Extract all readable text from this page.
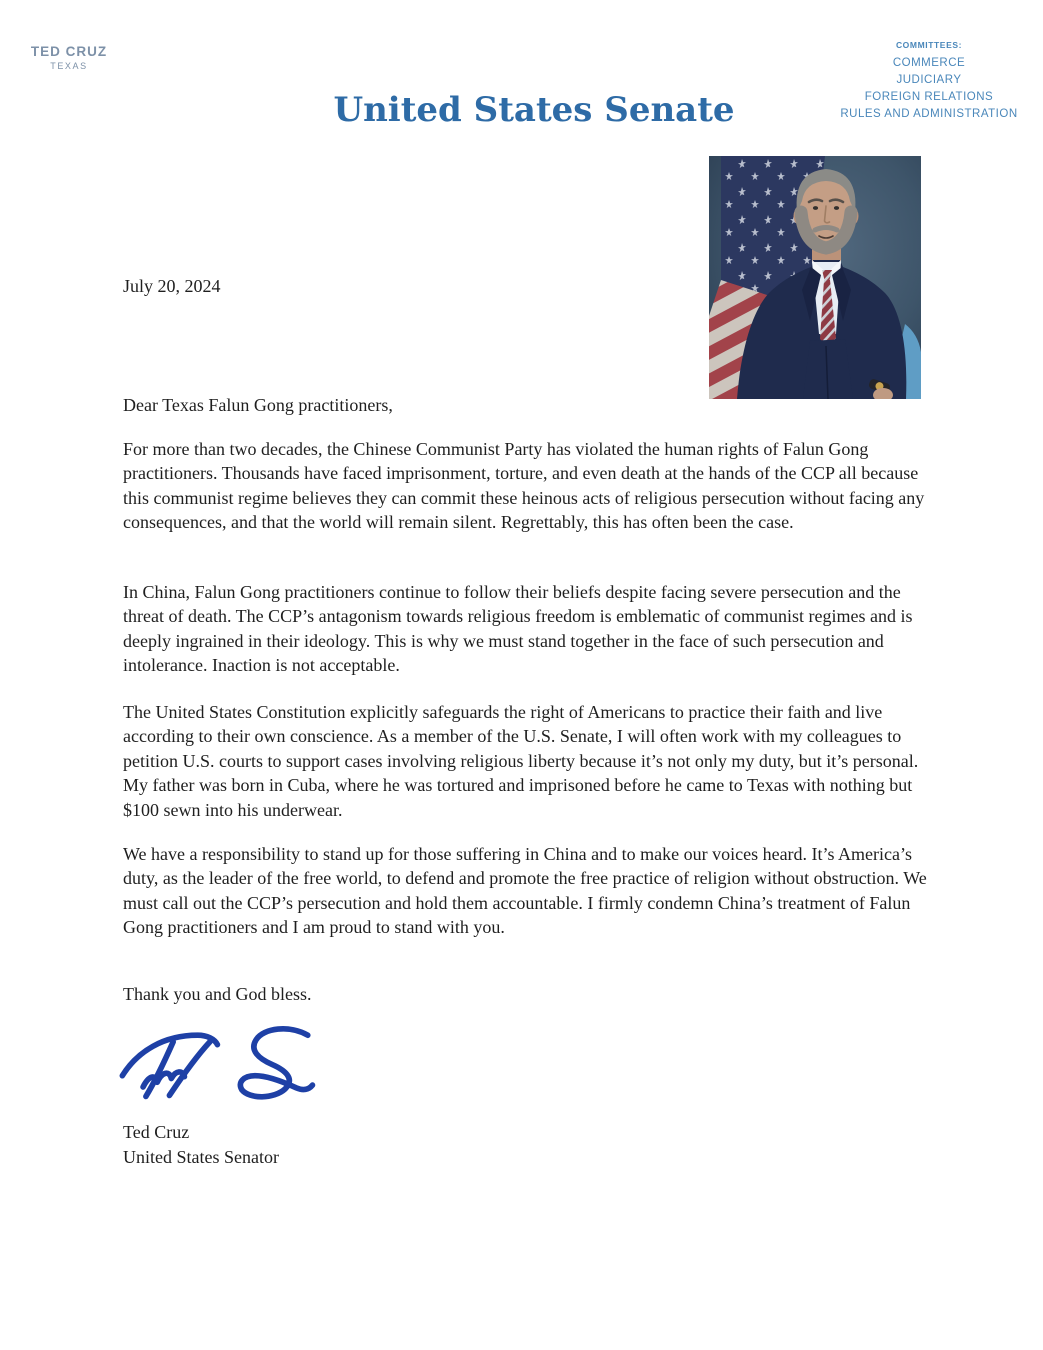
TED CRUZ
TEXAS
United States Senate
COMMITTEES:
COMMERCE
JUDICIARY
FOREIGN RELATIONS
RULES AND ADMINISTRATION
July 20, 2024
Dear Texas Falun Gong practitioners,

For more than two decades, the Chinese Communist Party has violated the human rights of Falun Gong practitioners. Thousands have faced imprisonment, torture, and even death at the hands of the CCP all because this communist regime believes they can commit these heinous acts of religious persecution without facing any consequences, and that the world will remain silent. Regrettably, this has often been the case.

In China, Falun Gong practitioners continue to follow their beliefs despite facing severe persecution and the threat of death. The CCP’s antagonism towards religious freedom is emblematic of communist regimes and is deeply ingrained in their ideology. This is why we must stand together in the face of such persecution and intolerance. Inaction is not acceptable.

The United States Constitution explicitly safeguards the right of Americans to practice their faith and live according to their own conscience. As a member of the U.S. Senate, I will often work with my colleagues to petition U.S. courts to support cases involving religious liberty because it’s not only my duty, but it’s personal. My father was born in Cuba, where he was tortured and imprisoned before he came to Texas with nothing but $100 sewn into his underwear.

We have a responsibility to stand up for those suffering in China and to make our voices heard. It’s America’s duty, as the leader of the free world, to defend and promote the free practice of religion without obstruction. We must call out the CCP’s persecution and hold them accountable. I firmly condemn China’s treatment of Falun Gong practitioners and I am proud to stand with you.

Thank you and God bless.
Ted Cruz
United States Senator
